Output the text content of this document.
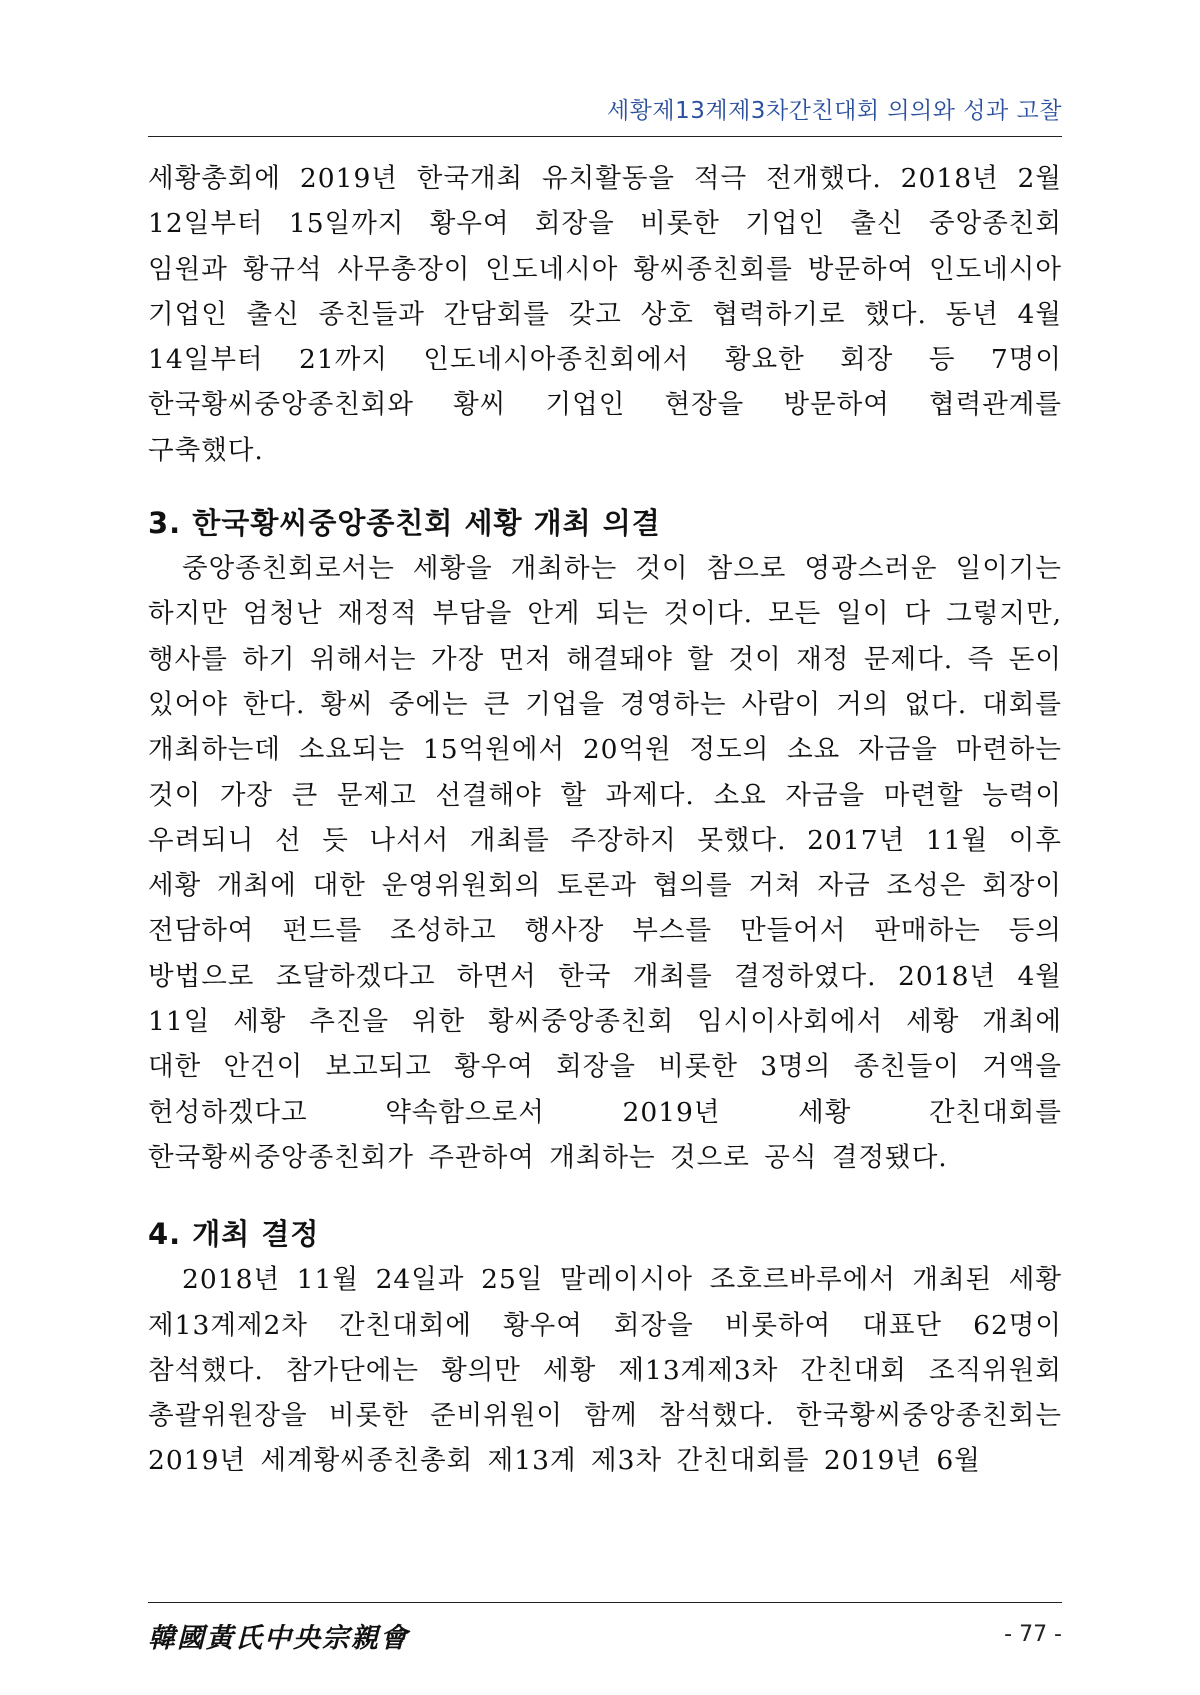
세황제13계제3차간친대회 의의와 성과 고찰

세황총회에 2019년 한국개최 유치활동을 적극 전개했다. 2018년 2월 12일부터 15일까지 황우여 회장을 비롯한 기업인 출신 중앙종친회 임원과 황규석 사무총장이 인도네시아 황씨종친회를 방문하여 인도네시아 기업인 출신 종친들과 간담회를 갖고 상호 협력하기로 했다. 동년 4월 14일부터 21까지 인도네시아종친회에서 황요한 회장 등 7명이 한국황씨중앙종친회와 황씨 기업인 현장을 방문하여 협력관계를 구축했다.

3. 한국황씨중앙종친회 세황 개최 의결

중앙종친회로서는 세황을 개최하는 것이 참으로 영광스러운 일이기는 하지만 엄청난 재정적 부담을 안게 되는 것이다. 모든 일이 다 그렇지만, 행사를 하기 위해서는 가장 먼저 해결돼야 할 것이 재정 문제다. 즉 돈이 있어야 한다. 황씨 중에는 큰 기업을 경영하는 사람이 거의 없다. 대회를 개최하는데 소요되는 15억원에서 20억원 정도의 소요 자금을 마련하는 것이 가장 큰 문제고 선결해야 할 과제다. 소요 자금을 마련할 능력이 우려되니 선 듯 나서서 개최를 주장하지 못했다. 2017년 11월 이후 세황 개최에 대한 운영위원회의 토론과 협의를 거쳐 자금 조성은 회장이 전담하여 펀드를 조성하고 행사장 부스를 만들어서 판매하는 등의 방법으로 조달하겠다고 하면서 한국 개최를 결정하였다. 2018년 4월 11일 세황 추진을 위한 황씨중앙종친회 임시이사회에서 세황 개최에 대한 안건이 보고되고 황우여 회장을 비롯한 3명의 종친들이 거액을 헌성하겠다고 약속함으로서 2019년 세황 간친대회를 한국황씨중앙종친회가 주관하여 개최하는 것으로 공식 결정됐다.

4. 개최 결정

2018년 11월 24일과 25일 말레이시아 조호르바루에서 개최된 세황 제13계제2차 간친대회에 황우여 회장을 비롯하여 대표단 62명이 참석했다. 참가단에는 황의만 세황 제13계제3차 간친대회 조직위원회 총괄위원장을 비롯한 준비위원이 함께 참석했다. 한국황씨중앙종친회는 2019년 세계황씨종친총회 제13계 제3차 간친대회를 2019년 6월

韓國黃氏中央宗親會	- 77 -
